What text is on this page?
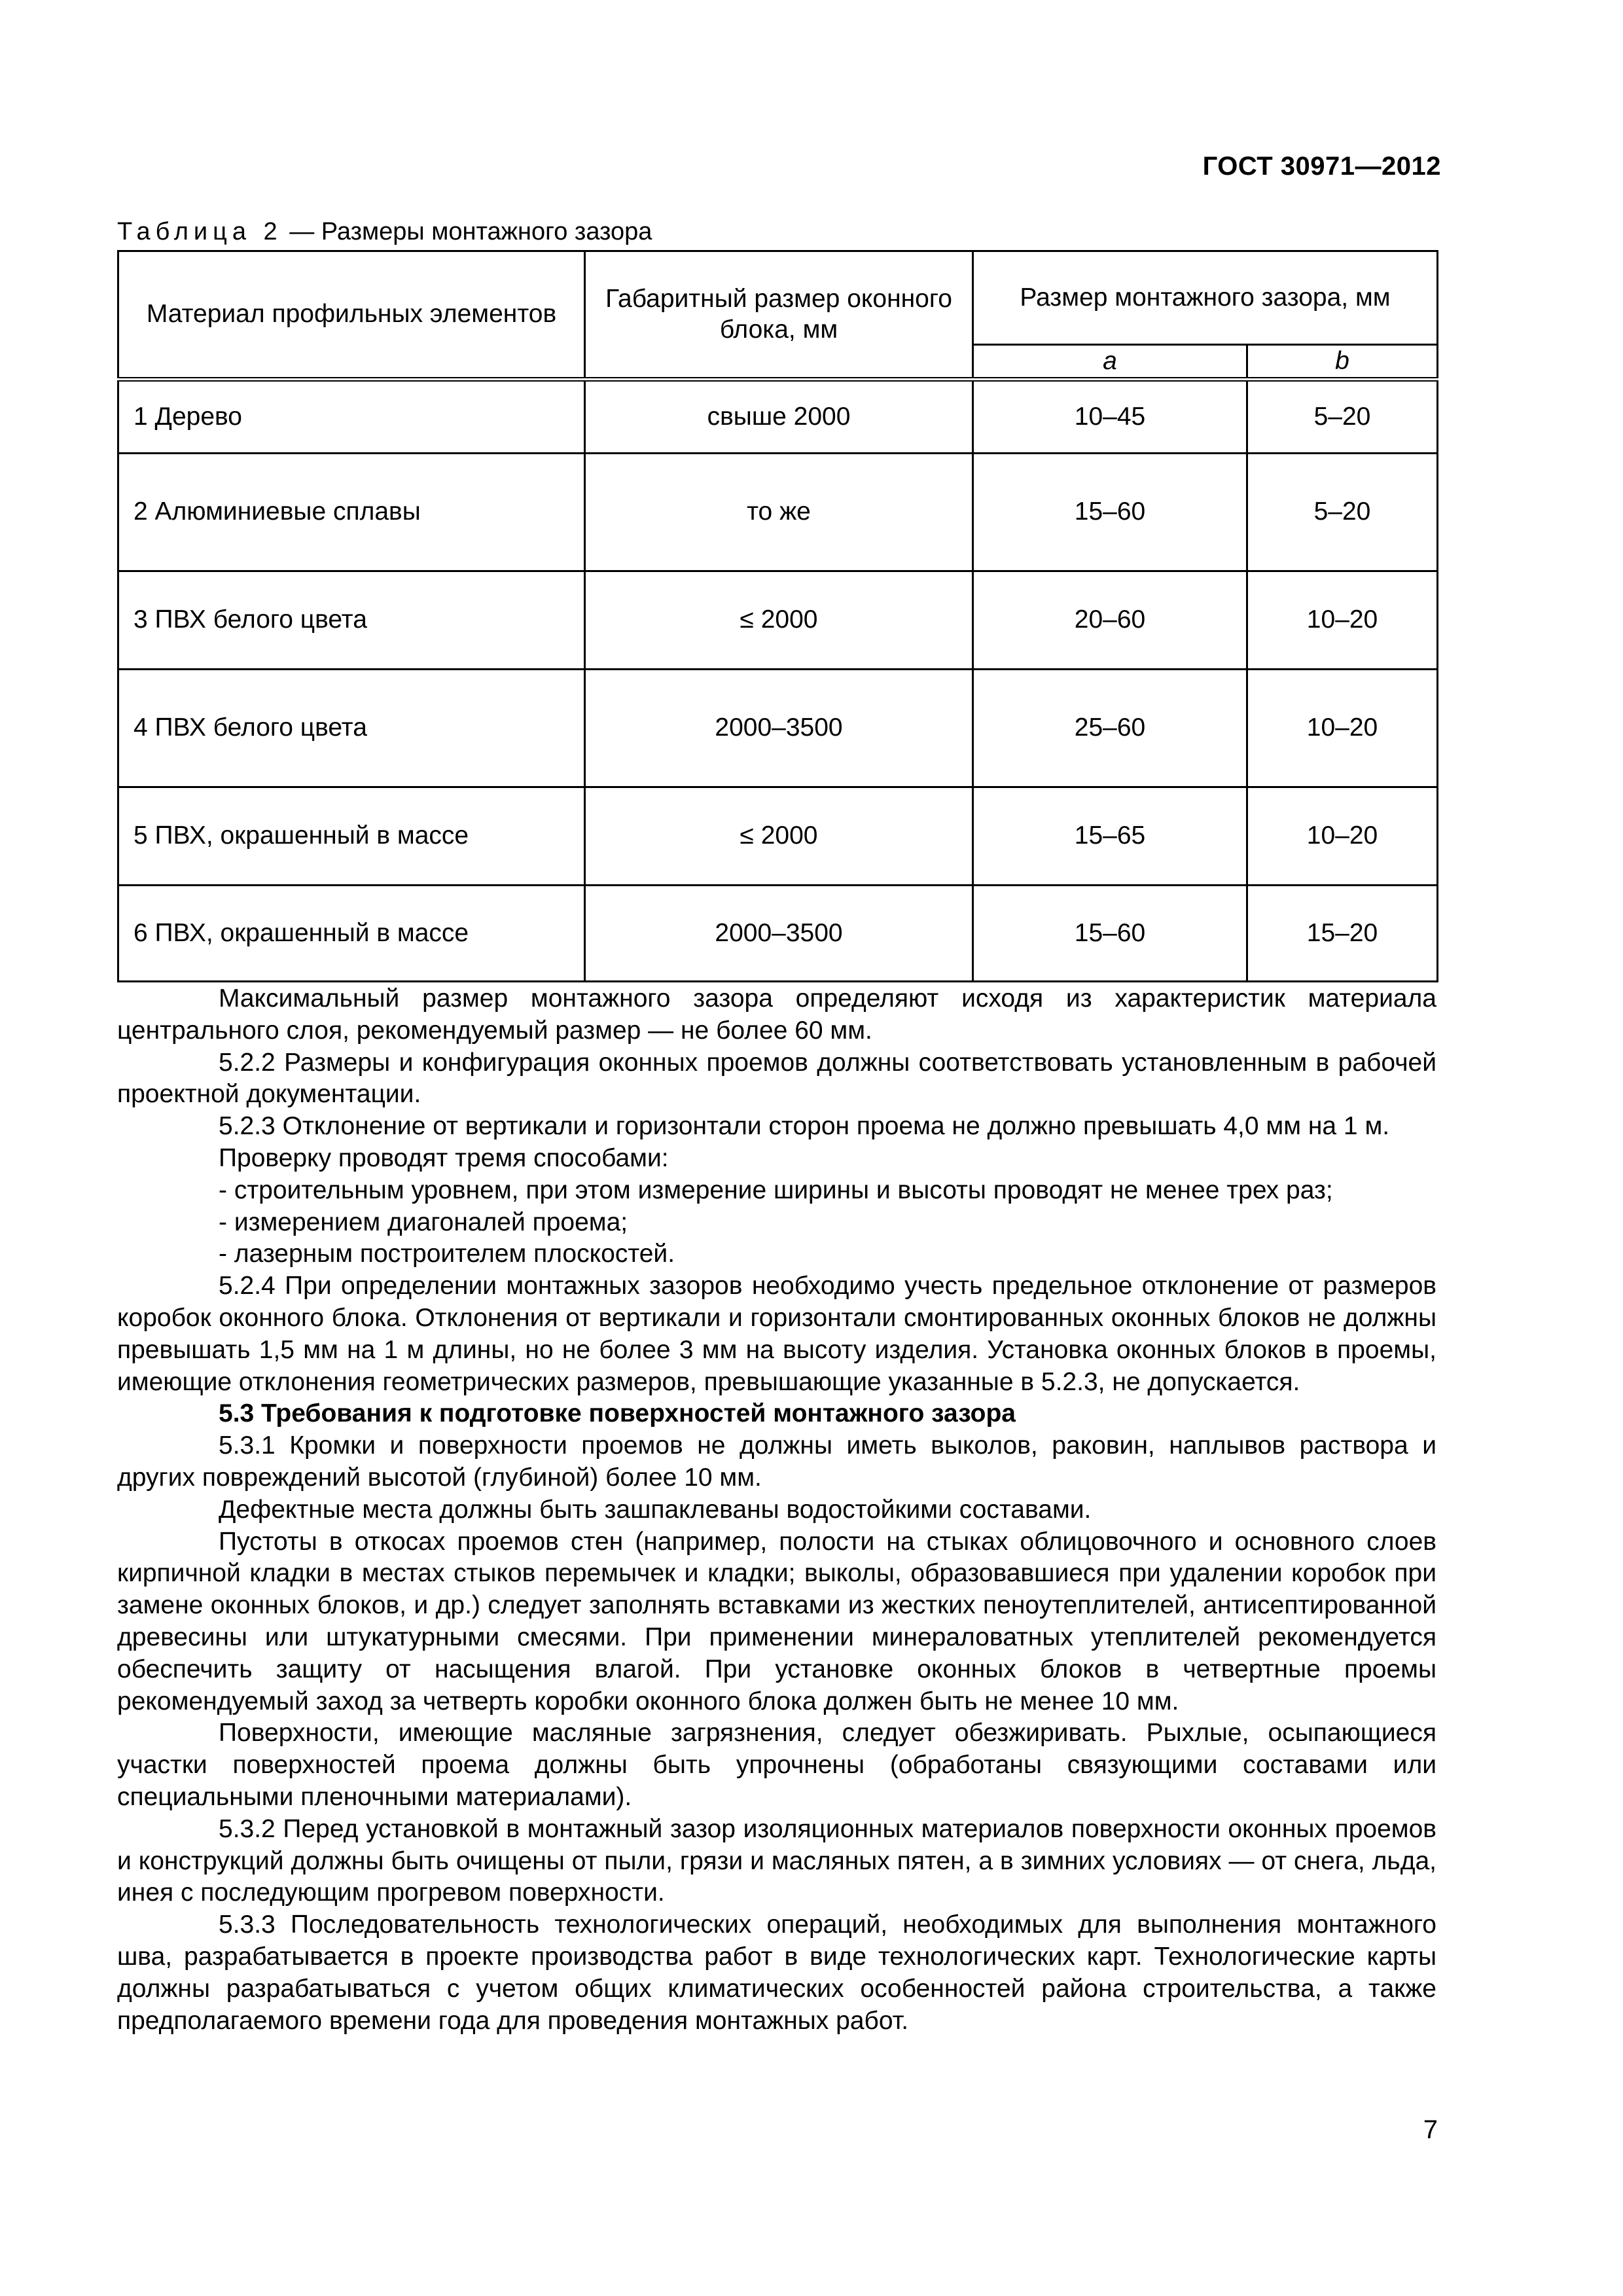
ГОСТ 30971—2012
Таблица 2 — Размеры монтажного зазора
Материал профильных элементов	Габаритный размер оконного блока, мм	Размер монтажного зазора, мм	
		a	b
1 Дерево	свыше 2000	10–45	5–20
2 Алюминиевые сплавы	то же	15–60	5–20
3 ПВХ белого цвета	≤ 2000	20–60	10–20
4 ПВХ белого цвета	2000–3500	25–60	10–20
5 ПВХ, окрашенный в массе	≤ 2000	15–65	10–20
6 ПВХ, окрашенный в массе	2000–3500	15–60	15–20

Максимальный размер монтажного зазора определяют исходя из характеристик материала центрального слоя, рекомендуемый размер — не более 60 мм.

5.2.2 Размеры и конфигурация оконных проемов должны соответствовать установленным в рабочей проектной документации.

5.2.3 Отклонение от вертикали и горизонтали сторон проема не должно превышать 4,0 мм на 1 м.

Проверку проводят тремя способами:

- строительным уровнем, при этом измерение ширины и высоты проводят не менее трех раз;

- измерением диагоналей проема;

- лазерным построителем плоскостей.

5.2.4 При определении монтажных зазоров необходимо учесть предельное отклонение от размеров коробок оконного блока. Отклонения от вертикали и горизонтали смонтированных оконных блоков не должны превышать 1,5 мм на 1 м длины, но не более 3 мм на высоту изделия. Установка оконных блоков в проемы, имеющие отклонения геометрических размеров, превышающие указанные в 5.2.3, не допускается.

5.3 Требования к подготовке поверхностей монтажного зазора

5.3.1 Кромки и поверхности проемов не должны иметь выколов, раковин, наплывов раствора и других повреждений высотой (глубиной) более 10 мм.

Дефектные места должны быть зашпаклеваны водостойкими составами.

Пустоты в откосах проемов стен (например, полости на стыках облицовочного и основного слоев кирпичной кладки в местах стыков перемычек и кладки; выколы, образовавшиеся при удалении коробок при замене оконных блоков, и др.) следует заполнять вставками из жестких пеноутеплителей, антисептированной древесины или штукатурными смесями. При применении минераловатных утеплителей рекомендуется обеспечить защиту от насыщения влагой. При установке оконных блоков в четвертные проемы рекомендуемый заход за четверть коробки оконного блока должен быть не менее 10 мм.

Поверхности, имеющие масляные загрязнения, следует обезжиривать. Рыхлые, осыпающиеся участки поверхностей проема должны быть упрочнены (обработаны связующими составами или специальными пленочными материалами).

5.3.2 Перед установкой в монтажный зазор изоляционных материалов поверхности оконных проемов и конструкций должны быть очищены от пыли, грязи и масляных пятен, а в зимних условиях — от снега, льда, инея с последующим прогревом поверхности.

5.3.3 Последовательность технологических операций, необходимых для выполнения монтажного шва, разрабатывается в проекте производства работ в виде технологических карт. Технологические карты должны разрабатываться с учетом общих климатических особенностей района строительства, а также предполагаемого времени года для проведения монтажных работ.

7
